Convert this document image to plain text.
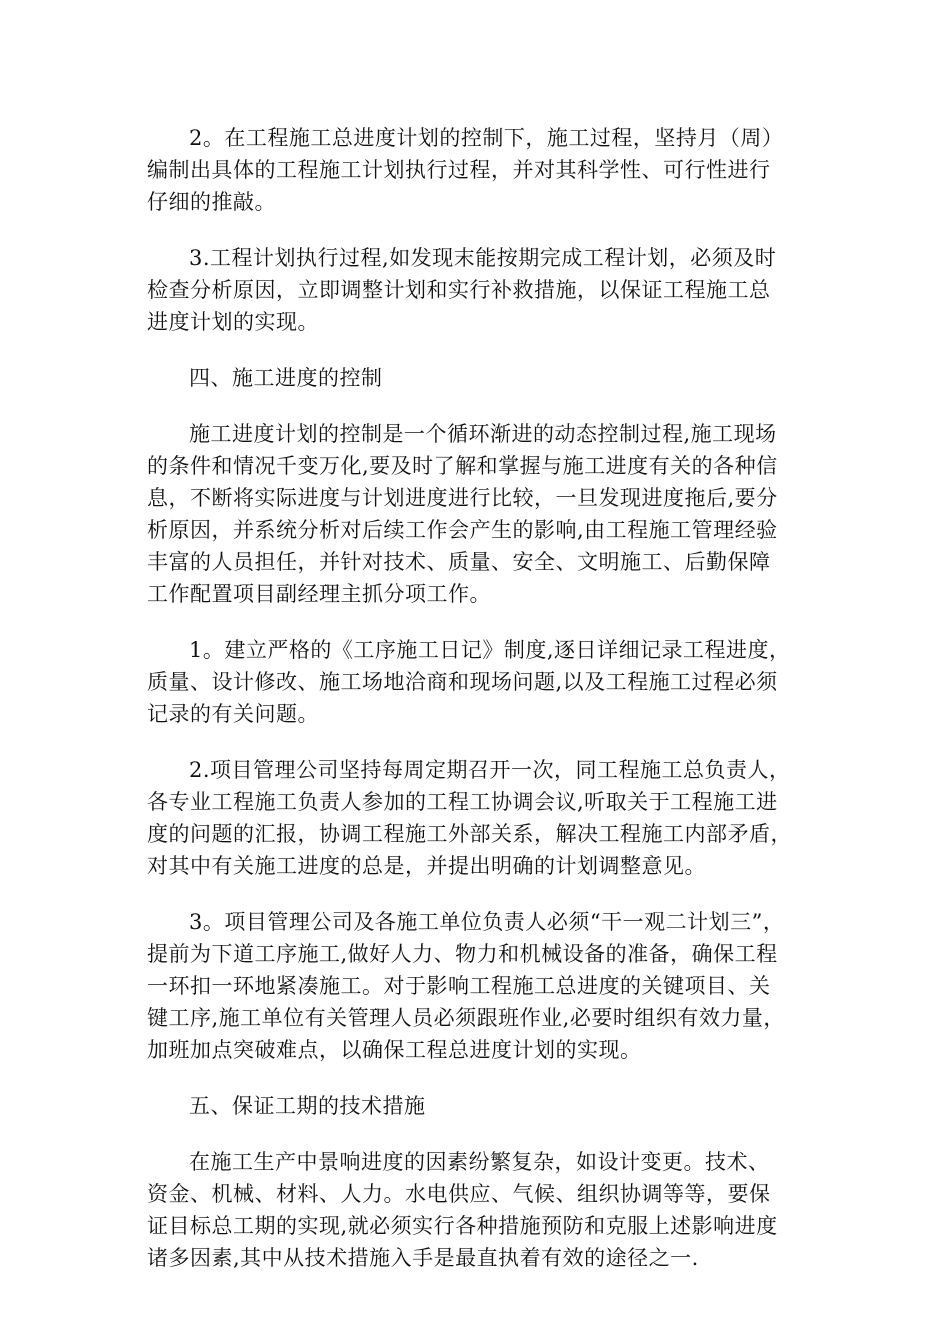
2。在工程施工总进度计划的控制下，施工过程，坚持月（周）
编制出具体的工程施工计划执行过程，并对其科学性、可行性进行
仔细的推敲。

3.工程计划执行过程,如发现末能按期完成工程计划，必须及时
检查分析原因，立即调整计划和实行补救措施，以保证工程施工总
进度计划的实现。

四、施工进度的控制

施工进度计划的控制是一个循环渐进的动态控制过程,施工现场
的条件和情况千变万化,要及时了解和掌握与施工进度有关的各种信
息，不断将实际进度与计划进度进行比较，一旦发现进度拖后,要分
析原因，并系统分析对后续工作会产生的影响,由工程施工管理经验
丰富的人员担任，并针对技术、质量、安全、文明施工、后勤保障
工作配置项目副经理主抓分项工作。

1。建立严格的《工序施工日记》制度,逐日详细记录工程进度，
质量、设计修改、施工场地洽商和现场问题,以及工程施工过程必须
记录的有关问题。

2.项目管理公司坚持每周定期召开一次，同工程施工总负责人，
各专业工程施工负责人参加的工程工协调会议,听取关于工程施工进
度的问题的汇报，协调工程施工外部关系，解决工程施工内部矛盾，
对其中有关施工进度的总是，并提出明确的计划调整意见。

3。项目管理公司及各施工单位负责人必须“干一观二计划三”，
提前为下道工序施工,做好人力、物力和机械设备的准备，确保工程
一环扣一环地紧凑施工。对于影响工程施工总进度的关键项目、关
键工序,施工单位有关管理人员必须跟班作业,必要时组织有效力量，
加班加点突破难点，以确保工程总进度计划的实现。

五、保证工期的技术措施

在施工生产中景响进度的因素纷繁复杂，如设计变更。技术、
资金、机械、材料、人力。水电供应、气候、组织协调等等，要保
证目标总工期的实现,就必须实行各种措施预防和克服上述影响进度
诸多因素,其中从技术措施入手是最直执着有效的途径之一.
